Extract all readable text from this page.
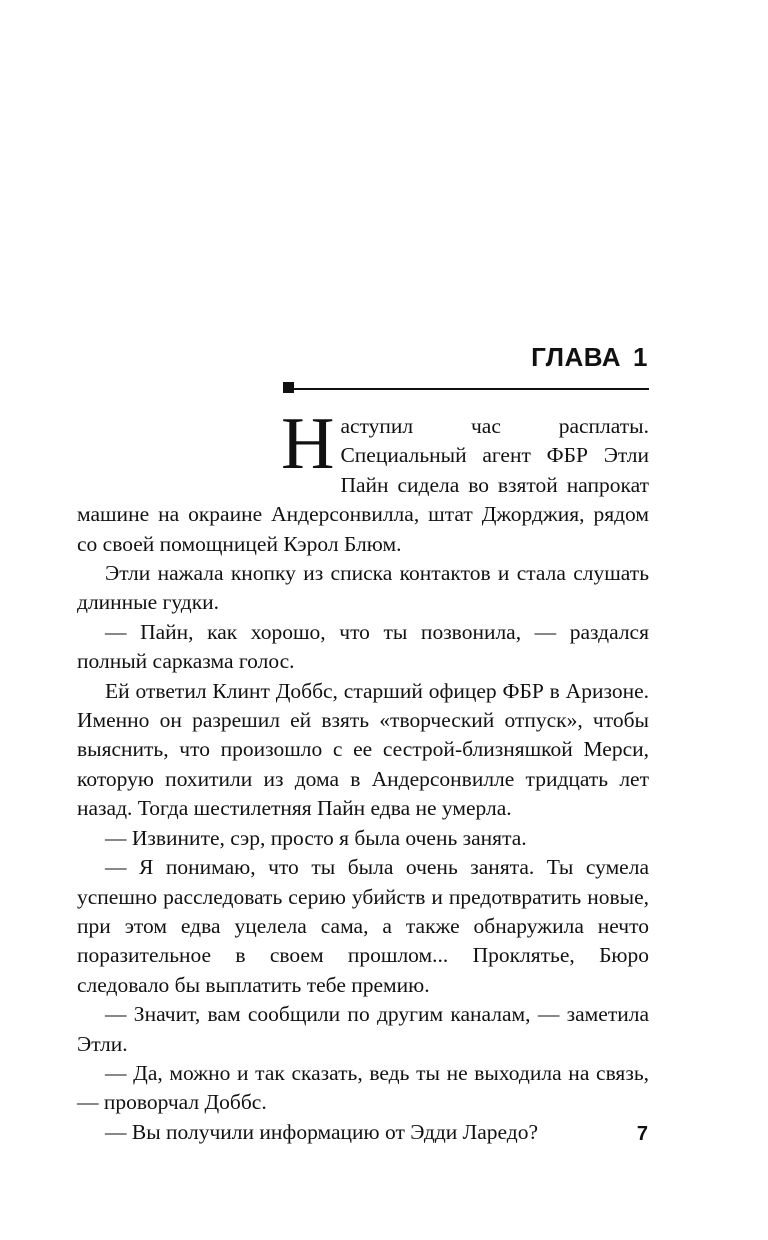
ГЛАВА 1

Наступил час расплаты. Специальный агент ФБР Этли Пайн сидела во взятой напрокат машине на окраине Андерсонвилла, штат Джорджия, рядом со своей помощницей Кэрол Блюм.

Этли нажала кнопку из списка контактов и стала слушать длинные гудки.

— Пайн, как хорошо, что ты позвонила, — раздался полный сарказма голос.

Ей ответил Клинт Доббс, старший офицер ФБР в Аризоне. Именно он разрешил ей взять «творческий отпуск», чтобы выяснить, что произошло с ее сестрой-близняшкой Мерси, которую похитили из дома в Андерсонвилле тридцать лет назад. Тогда шестилетняя Пайн едва не умерла.

— Извините, сэр, просто я была очень занята.

— Я понимаю, что ты была очень занята. Ты сумела успешно расследовать серию убийств и предотвратить новые, при этом едва уцелела сама, а также обнаружила нечто поразительное в своем прошлом... Проклятье, Бюро следовало бы выплатить тебе премию.

— Значит, вам сообщили по другим каналам, — заметила Этли.

— Да, можно и так сказать, ведь ты не выходила на связь, — проворчал Доббс.

— Вы получили информацию от Эдди Ларедо?	7
